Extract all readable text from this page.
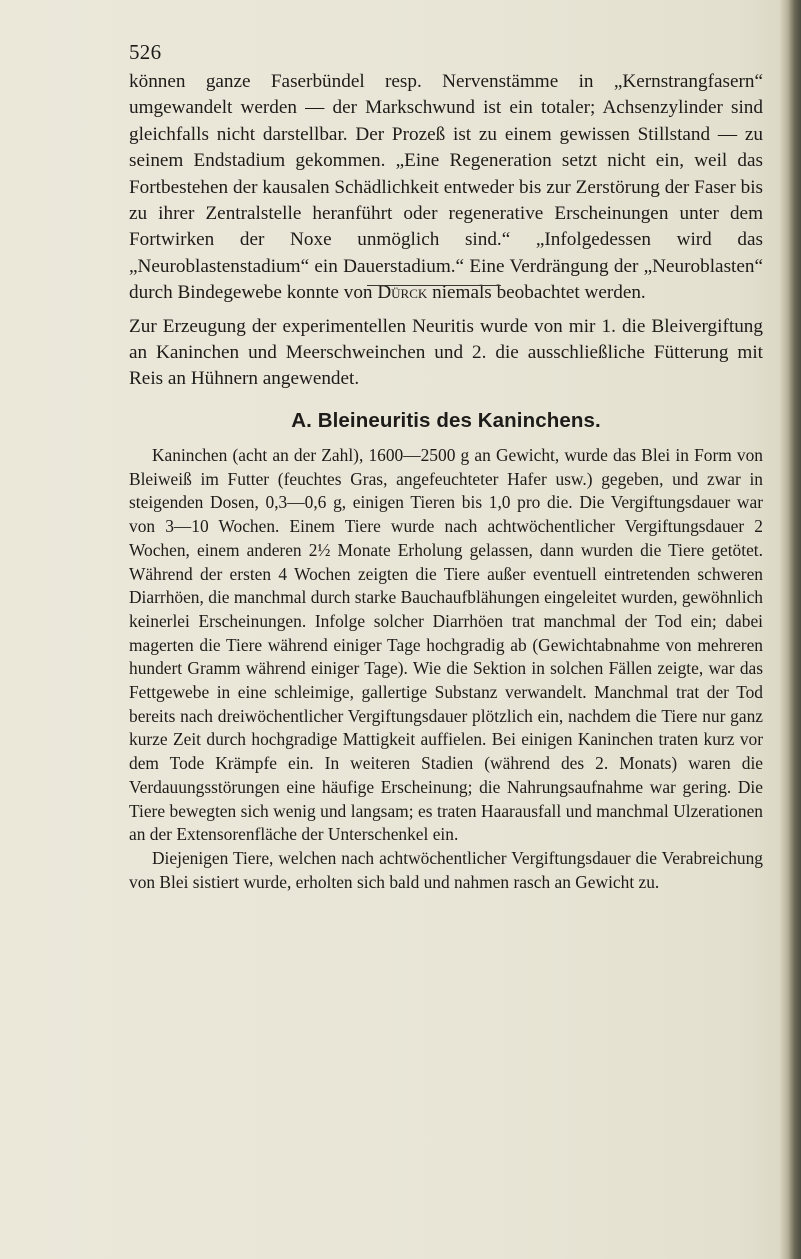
526

können ganze Faserbündel resp. Nervenstämme in „Kernstrangfasern“ umgewandelt werden — der Markschwund ist ein totaler; Achsenzylinder sind gleichfalls nicht darstellbar. Der Prozeß ist zu einem gewissen Stillstand — zu seinem Endstadium gekommen. „Eine Regeneration setzt nicht ein, weil das Fortbestehen der kausalen Schädlichkeit entweder bis zur Zerstörung der Faser bis zu ihrer Zentralstelle heranführt oder regenerative Erscheinungen unter dem Fortwirken der Noxe unmöglich sind.“ „Infolgedessen wird das „Neuroblastenstadium“ ein Dauerstadium.“ Eine Verdrängung der „Neuroblasten“ durch Bindegewebe konnte von Dürck niemals beobachtet werden.

Zur Erzeugung der experimentellen Neuritis wurde von mir 1. die Bleivergiftung an Kaninchen und Meerschweinchen und 2. die ausschließliche Fütterung mit Reis an Hühnern angewendet.

A. Bleineuritis des Kaninchens.

Kaninchen (acht an der Zahl), 1600—2500 g an Gewicht, wurde das Blei in Form von Bleiweiß im Futter (feuchtes Gras, angefeuchteter Hafer usw.) gegeben, und zwar in steigenden Dosen, 0,3—0,6 g, einigen Tieren bis 1,0 pro die. Die Vergiftungsdauer war von 3—10 Wochen. Einem Tiere wurde nach achtwöchentlicher Vergiftungsdauer 2 Wochen, einem anderen 2½ Monate Erholung gelassen, dann wurden die Tiere getötet. Während der ersten 4 Wochen zeigten die Tiere außer eventuell eintretenden schweren Diarrhöen, die manchmal durch starke Bauchaufblähungen eingeleitet wurden, gewöhnlich keinerlei Erscheinungen. Infolge solcher Diarrhöen trat manchmal der Tod ein; dabei magerten die Tiere während einiger Tage hochgradig ab (Gewichtabnahme von mehreren hundert Gramm während einiger Tage). Wie die Sektion in solchen Fällen zeigte, war das Fettgewebe in eine schleimige, gallertige Substanz verwandelt. Manchmal trat der Tod bereits nach dreiwöchentlicher Vergiftungsdauer plötzlich ein, nachdem die Tiere nur ganz kurze Zeit durch hochgradige Mattigkeit auffielen. Bei einigen Kaninchen traten kurz vor dem Tode Krämpfe ein. In weiteren Stadien (während des 2. Monats) waren die Verdauungsstörungen eine häufige Erscheinung; die Nahrungsaufnahme war gering. Die Tiere bewegten sich wenig und langsam; es traten Haarausfall und manchmal Ulzerationen an der Extensorenfläche der Unterschenkel ein.

Diejenigen Tiere, welchen nach achtwöchentlicher Vergiftungsdauer die Verabreichung von Blei sistiert wurde, erholten sich bald und nahmen rasch an Gewicht zu.
